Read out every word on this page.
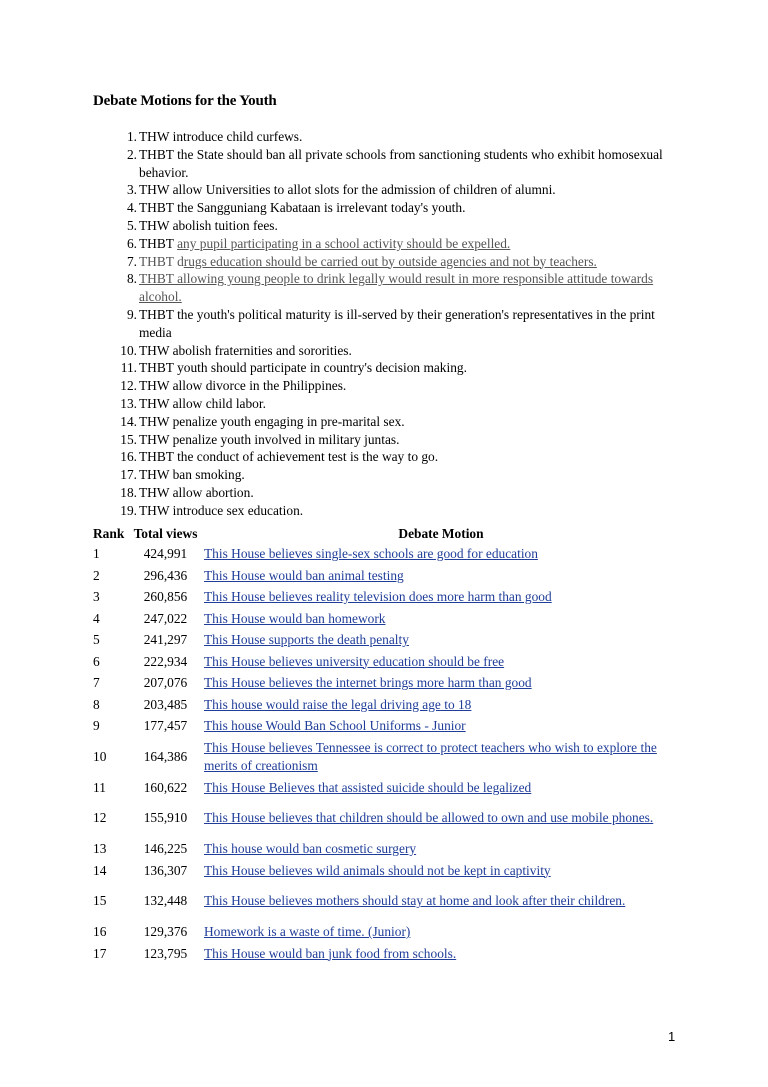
Debate Motions for the Youth
1. THW introduce child curfews.
2. THBT the State should ban all private schools from sanctioning students who exhibit homosexual behavior.
3. THW allow Universities to allot slots for the admission of children of alumni.
4. THBT the Sangguniang Kabataan is irrelevant today's youth.
5. THW abolish tuition fees.
6. THBT any pupil participating in a school activity should be expelled.
7. THBT drugs education should be carried out by outside agencies and not by teachers.
8. THBT allowing young people to drink legally would result in more responsible attitude towards alcohol.
9. THBT the youth's political maturity is ill-served by their generation's representatives in the print media
10. THW abolish fraternities and sororities.
11. THBT youth should participate in country's decision making.
12. THW allow divorce in the Philippines.
13. THW allow child labor.
14. THW penalize youth engaging in pre-marital sex.
15. THW penalize youth involved in military juntas.
16. THBT the conduct of achievement test is the way to go.
17. THW ban smoking.
18. THW allow abortion.
19. THW introduce sex education.
Rank	Total views	Debate Motion
1	424,991	This House believes single-sex schools are good for education
2	296,436	This House would ban animal testing
3	260,856	This House believes reality television does more harm than good
4	247,022	This House would ban homework
5	241,297	This House supports the death penalty
6	222,934	This House believes university education should be free
7	207,076	This House believes the internet brings more harm than good
8	203,485	This house would raise the legal driving age to 18
9	177,457	This house Would Ban School Uniforms - Junior
10	164,386	This House believes Tennessee is correct to protect teachers who wish to explore the merits of creationism
11	160,622	This House Believes that assisted suicide should be legalized
12	155,910	This House believes that children should be allowed to own and use mobile phones.
13	146,225	This house would ban cosmetic surgery
14	136,307	This House believes wild animals should not be kept in captivity
15	132,448	This House believes mothers should stay at home and look after their children.
16	129,376	Homework is a waste of time. (Junior)
17	123,795	This House would ban junk food from schools.
1
